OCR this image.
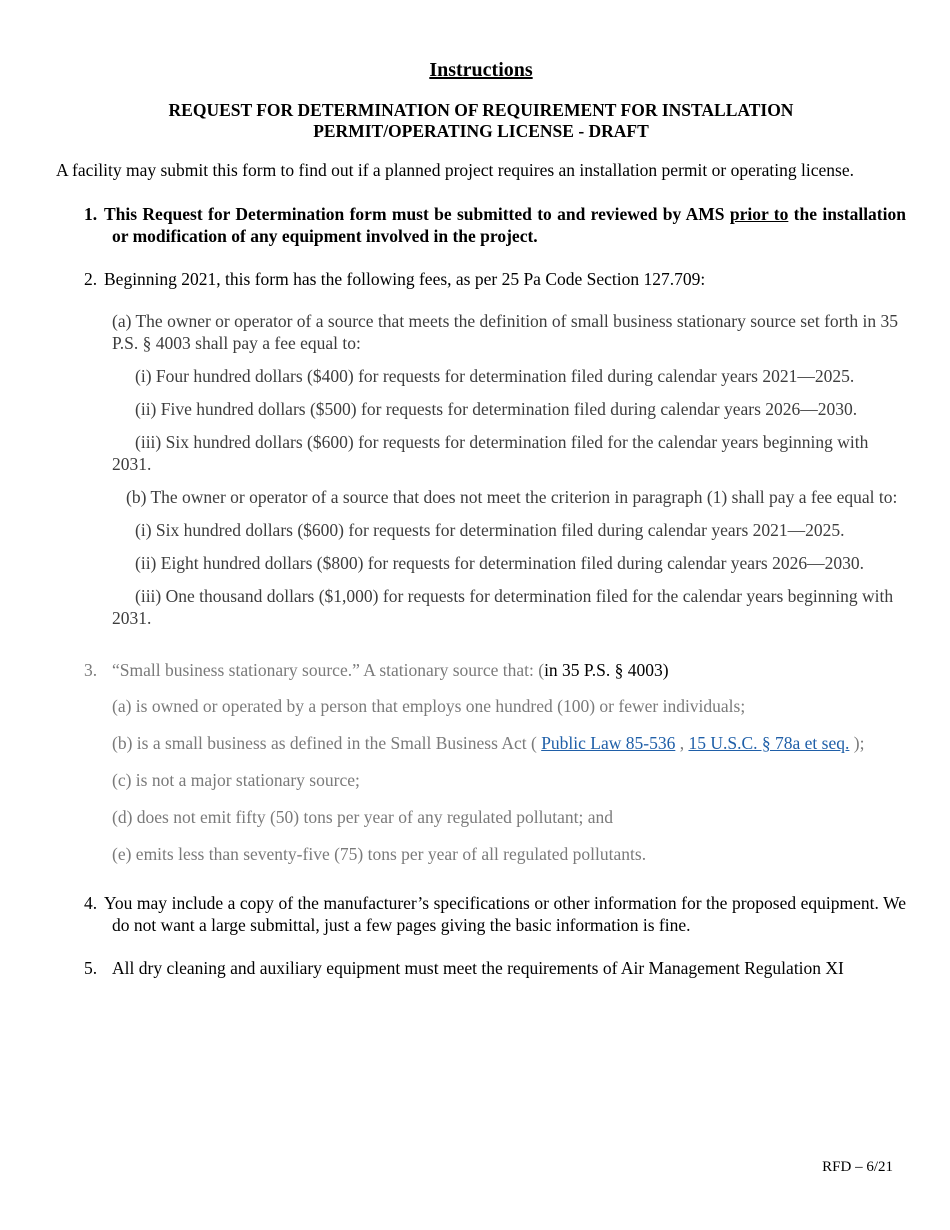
Instructions
REQUEST FOR DETERMINATION OF REQUIREMENT FOR INSTALLATION
PERMIT/OPERATING LICENSE - DRAFT

A facility may submit this form to find out if a planned project requires an installation permit or operating license.

1. This Request for Determination form must be submitted to and reviewed by AMS prior to the installation or modification of any equipment involved in the project.
2. Beginning 2021, this form has the following fees, as per 25 Pa Code Section 127.709:

(a) The owner or operator of a source that meets the definition of small business stationary source set forth in 35 P.S. § 4003 shall pay a fee equal to:

(i) Four hundred dollars ($400) for requests for determination filed during calendar years 2021—2025.

(ii) Five hundred dollars ($500) for requests for determination filed during calendar years 2026—2030.

(iii) Six hundred dollars ($600) for requests for determination filed for the calendar years beginning with 2031.

(b) The owner or operator of a source that does not meet the criterion in paragraph (1) shall pay a fee equal to:

(i) Six hundred dollars ($600) for requests for determination filed during calendar years 2021—2025.

(ii) Eight hundred dollars ($800) for requests for determination filed during calendar years 2026—2030.

(iii) One thousand dollars ($1,000) for requests for determination filed for the calendar years beginning with 2031.

3. “Small business stationary source.” A stationary source that: (in 35 P.S. § 4003)

(a) is owned or operated by a person that employs one hundred (100) or fewer individuals;

(b) is a small business as defined in the Small Business Act ( Public Law 85-536 , 15 U.S.C. § 78a et seq. );

(c) is not a major stationary source;

(d) does not emit fifty (50) tons per year of any regulated pollutant; and

(e) emits less than seventy-five (75) tons per year of all regulated pollutants.

4. You may include a copy of the manufacturer’s specifications or other information for the proposed equipment. We do not want a large submittal, just a few pages giving the basic information is fine.
5. All dry cleaning and auxiliary equipment must meet the requirements of Air Management Regulation XI
RFD – 6/21
